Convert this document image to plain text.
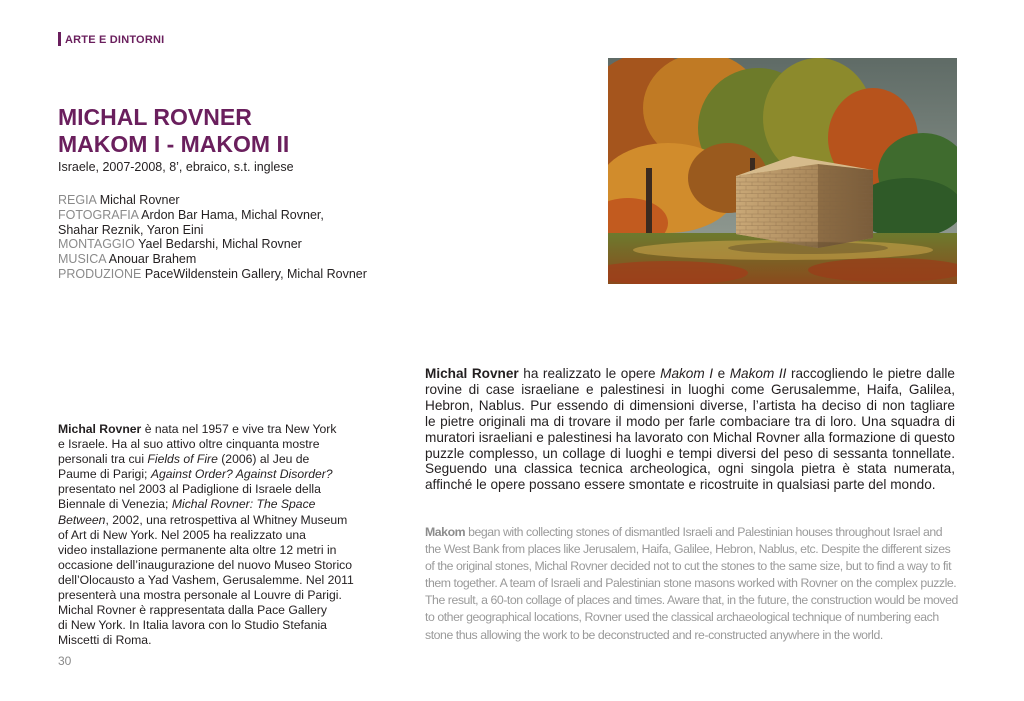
ARTE E DINTORNI
MICHAL ROVNER
MAKOM I - MAKOM II
Israele, 2007-2008, 8’, ebraico, s.t. inglese
REGIA Michal Rovner
FOTOGRAFIA Ardon Bar Hama, Michal Rovner,
Shahar Reznik, Yaron Eini
MONTAGGIO Yael Bedarshi, Michal Rovner
MUSICA Anouar Brahem
PRODUZIONE PaceWildenstein Gallery, Michal Rovner
Michal Rovner è nata nel 1957 e vive tra New York
e Israele. Ha al suo attivo oltre cinquanta mostre
personali tra cui Fields of Fire (2006) al Jeu de
Paume di Parigi; Against Order? Against Disorder?
presentato nel 2003 al Padiglione di Israele della
Biennale di Venezia; Michal Rovner: The Space
Between, 2002, una retrospettiva al Whitney Museum
of Art di New York. Nel 2005 ha realizzato una
video installazione permanente alta oltre 12 metri in
occasione dell’inaugurazione del nuovo Museo Storico
dell’Olocausto a Yad Vashem, Gerusalemme. Nel 2011
presenterà una mostra personale al Louvre di Parigi.
Michal Rovner è rappresentata dalla Pace Gallery
di New York. In Italia lavora con lo Studio Stefania
Miscetti di Roma.
30
Michal Rovner ha realizzato le opere Makom I e Makom II raccogliendo le pietre dalle
rovine di case israeliane e palestinesi in luoghi come Gerusalemme, Haifa, Galilea,
Hebron, Nablus. Pur essendo di dimensioni diverse, l’artista ha deciso di non tagliare
le pietre originali ma di trovare il modo per farle combaciare tra di loro. Una squadra di
muratori israeliani e palestinesi ha lavorato con Michal Rovner alla formazione di questo
puzzle complesso, un collage di luoghi e tempi diversi del peso di sessanta tonnellate.
Seguendo una classica tecnica archeologica, ogni singola pietra è stata numerata,
affinché le opere possano essere smontate e ricostruite in qualsiasi parte del mondo.
Makom began with collecting stones of dismantled Israeli and Palestinian houses throughout Israel and
the West Bank from places like Jerusalem, Haifa, Galilee, Hebron, Nablus, etc. Despite the different sizes
of the original stones, Michal Rovner decided not to cut the stones to the same size, but to find a way to fit
them together. A team of Israeli and Palestinian stone masons worked with Rovner on the complex puzzle.
The result, a 60-ton collage of places and times. Aware that, in the future, the construction would be moved
to other geographical locations, Rovner used the classical archaeological technique of numbering each
stone thus allowing the work to be deconstructed and re-constructed anywhere in the world.
